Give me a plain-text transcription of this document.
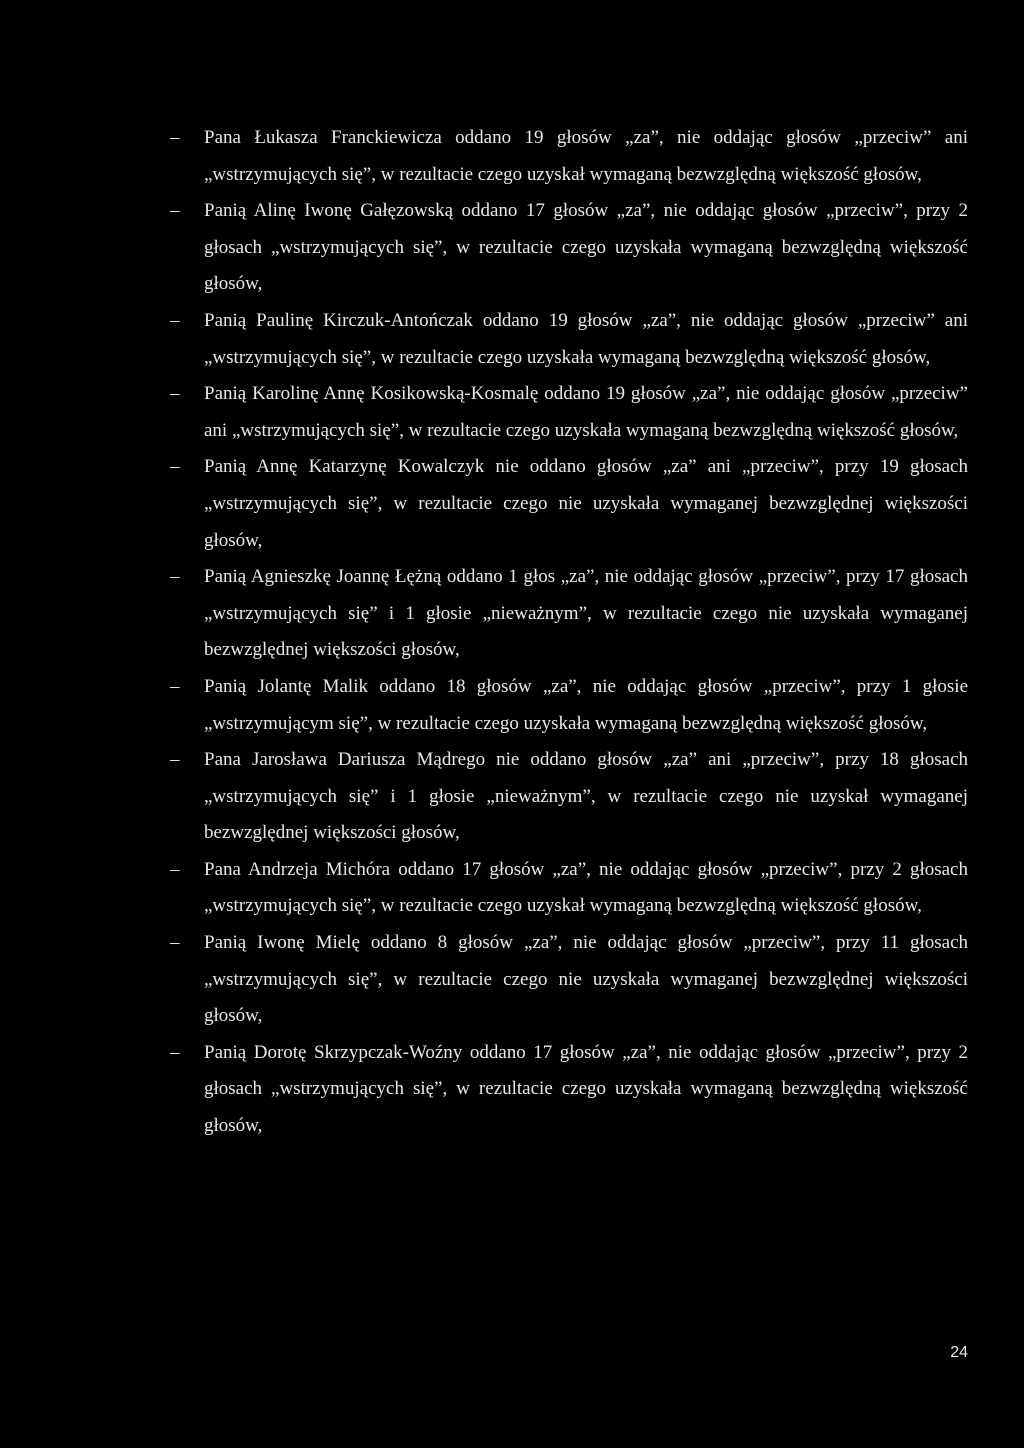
– Pana Łukasza Franckiewicza oddano 19 głosów „za”, nie oddając głosów „przeciw” ani „wstrzymujących się”, w rezultacie czego uzyskał wymaganą bezwzględną większość głosów,
– Panią Alinę Iwonę Gałęzowską oddano 17 głosów „za”, nie oddając głosów „przeciw”, przy 2 głosach „wstrzymujących się”, w rezultacie czego uzyskała wymaganą bezwzględną większość głosów,
– Panią Paulinę Kirczuk-Antończak oddano 19 głosów „za”, nie oddając głosów „przeciw” ani „wstrzymujących się”, w rezultacie czego uzyskała wymaganą bezwzględną większość głosów,
– Panią Karolinę Annę Kosikowską-Kosmalę oddano 19 głosów „za”, nie oddając głosów „przeciw” ani „wstrzymujących się”, w rezultacie czego uzyskała wymaganą bezwzględną większość głosów,
– Panią Annę Katarzynę Kowalczyk nie oddano głosów „za” ani „przeciw”, przy 19 głosach „wstrzymujących się”, w rezultacie czego nie uzyskała wymaganej bezwzględnej większości głosów,
– Panią Agnieszkę Joannę Łężną oddano 1 głos „za”, nie oddając głosów „przeciw”, przy 17 głosach „wstrzymujących się” i 1 głosie „nieważnym”, w rezultacie czego nie uzyskała wymaganej bezwzględnej większości głosów,
– Panią Jolantę Malik oddano 18 głosów „za”, nie oddając głosów „przeciw”, przy 1 głosie „wstrzymującym się”, w rezultacie czego uzyskała wymaganą bezwzględną większość głosów,
– Pana Jarosława Dariusza Mądrego nie oddano głosów „za” ani „przeciw”, przy 18 głosach „wstrzymujących się” i 1 głosie „nieważnym”, w rezultacie czego nie uzyskał wymaganej bezwzględnej większości głosów,
– Pana Andrzeja Michóra oddano 17 głosów „za”, nie oddając głosów „przeciw”, przy 2 głosach „wstrzymujących się”, w rezultacie czego uzyskał wymaganą bezwzględną większość głosów,
– Panią Iwonę Mielę oddano 8 głosów „za”, nie oddając głosów „przeciw”, przy 11 głosach „wstrzymujących się”, w rezultacie czego nie uzyskała wymaganej bezwzględnej większości głosów,
– Panią Dorotę Skrzypczak-Woźny oddano 17 głosów „za”, nie oddając głosów „przeciw”, przy 2 głosach „wstrzymujących się”, w rezultacie czego uzyskała wymaganą bezwzględną większość głosów,
24
